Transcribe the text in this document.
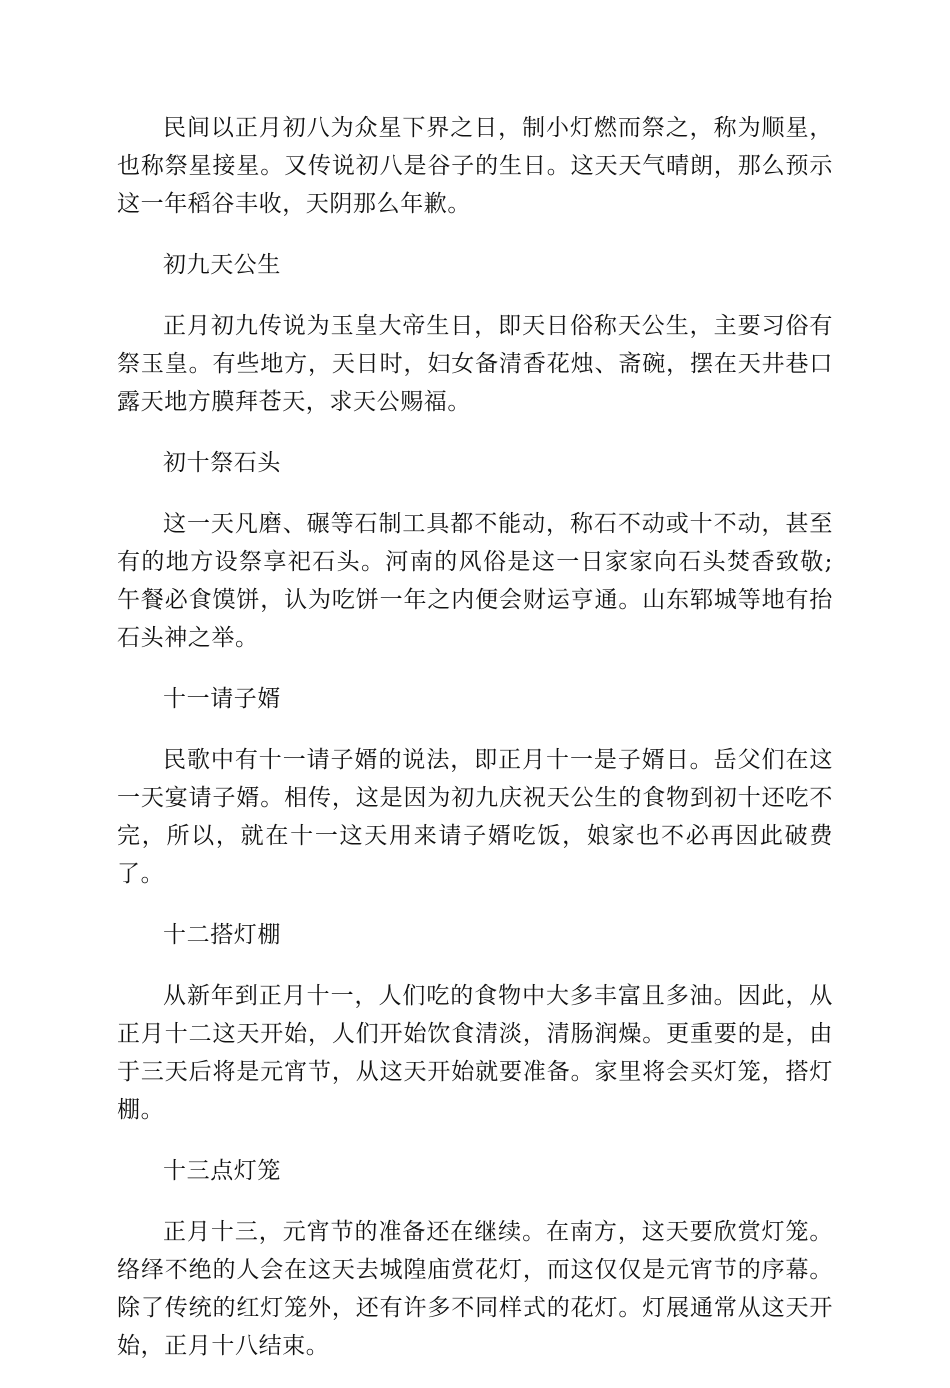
民间以正月初八为众星下界之日，制小灯燃而祭之，称为顺星，也称祭星接星。又传说初八是谷子的生日。这天天气晴朗，那么预示这一年稻谷丰收，天阴那么年歉。

初九天公生

正月初九传说为玉皇大帝生日，即天日俗称天公生，主要习俗有祭玉皇。有些地方，天日时，妇女备清香花烛、斋碗，摆在天井巷口露天地方膜拜苍天，求天公赐福。

初十祭石头

这一天凡磨、碾等石制工具都不能动，称石不动或十不动，甚至有的地方设祭享祀石头。河南的风俗是这一日家家向石头焚香致敬;午餐必食馍饼，认为吃饼一年之内便会财运亨通。山东郓城等地有抬石头神之举。

十一请子婿

民歌中有十一请子婿的说法，即正月十一是子婿日。岳父们在这一天宴请子婿。相传，这是因为初九庆祝天公生的食物到初十还吃不完，所以，就在十一这天用来请子婿吃饭，娘家也不必再因此破费了。

十二搭灯棚

从新年到正月十一，人们吃的食物中大多丰富且多油。因此，从正月十二这天开始，人们开始饮食清淡，清肠润燥。更重要的是，由于三天后将是元宵节，从这天开始就要准备。家里将会买灯笼，搭灯棚。

十三点灯笼

正月十三，元宵节的准备还在继续。在南方，这天要欣赏灯笼。络绎不绝的人会在这天去城隍庙赏花灯，而这仅仅是元宵节的序幕。除了传统的红灯笼外，还有许多不同样式的花灯。灯展通常从这天开始，正月十八结束。
